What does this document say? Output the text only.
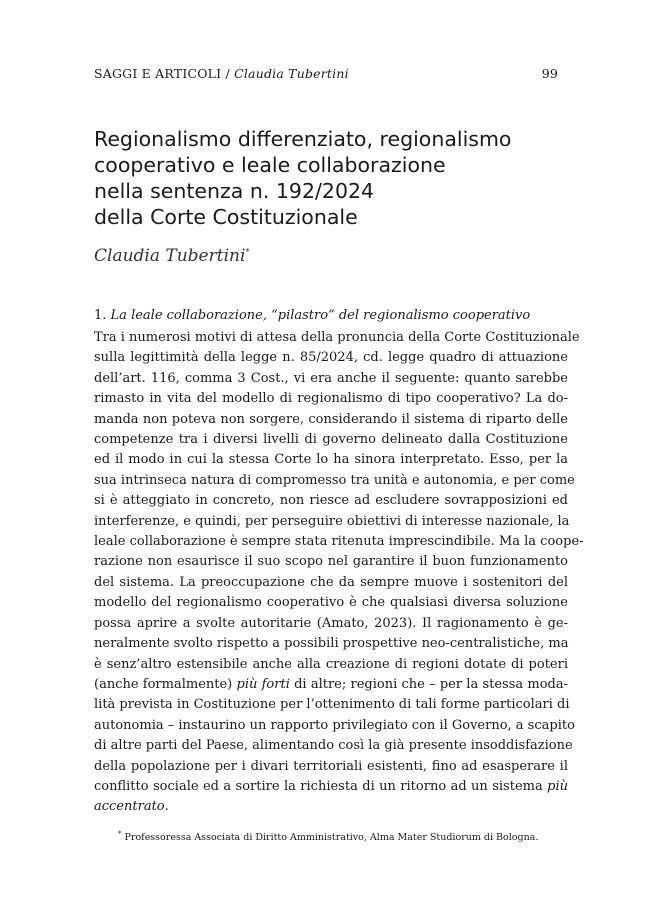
SAGGI E ARTICOLI / Claudia Tubertini	99
Regionalismo differenziato, regionalismo
cooperativo e leale collaborazione
nella sentenza n. 192/2024
della Corte Costituzionale
Claudia Tubertini*
1. La leale collaborazione, “pilastro” del regionalismo cooperativo
Tra i numerosi motivi di attesa della pronuncia della Corte Costituzionale
sulla legittimità della legge n. 85/2024, cd. legge quadro di attuazione
dell’art. 116, comma 3 Cost., vi era anche il seguente: quanto sarebbe
rimasto in vita del modello di regionalismo di tipo cooperativo? La do-
manda non poteva non sorgere, considerando il sistema di riparto delle
competenze tra i diversi livelli di governo delineato dalla Costituzione
ed il modo in cui la stessa Corte lo ha sinora interpretato. Esso, per la
sua intrinseca natura di compromesso tra unità e autonomia, e per come
si è atteggiato in concreto, non riesce ad escludere sovrapposizioni ed
interferenze, e quindi, per perseguire obiettivi di interesse nazionale, la
leale collaborazione è sempre stata ritenuta imprescindibile. Ma la coope-
razione non esaurisce il suo scopo nel garantire il buon funzionamento
del sistema. La preoccupazione che da sempre muove i sostenitori del
modello del regionalismo cooperativo è che qualsiasi diversa soluzione
possa aprire a svolte autoritarie (Amato, 2023). Il ragionamento è ge-
neralmente svolto rispetto a possibili prospettive neo-centralistiche, ma
è senz’altro estensibile anche alla creazione di regioni dotate di poteri
(anche formalmente) più forti di altre; regioni che – per la stessa moda-
lità prevista in Costituzione per l’ottenimento di tali forme particolari di
autonomia – instaurino un rapporto privilegiato con il Governo, a scapito
di altre parti del Paese, alimentando così la già presente insoddisfazione
della popolazione per i divari territoriali esistenti, fino ad esasperare il
conflitto sociale ed a sortire la richiesta di un ritorno ad un sistema più
accentrato.
* Professoressa Associata di Diritto Amministrativo, Alma Mater Studiorum di Bologna.
